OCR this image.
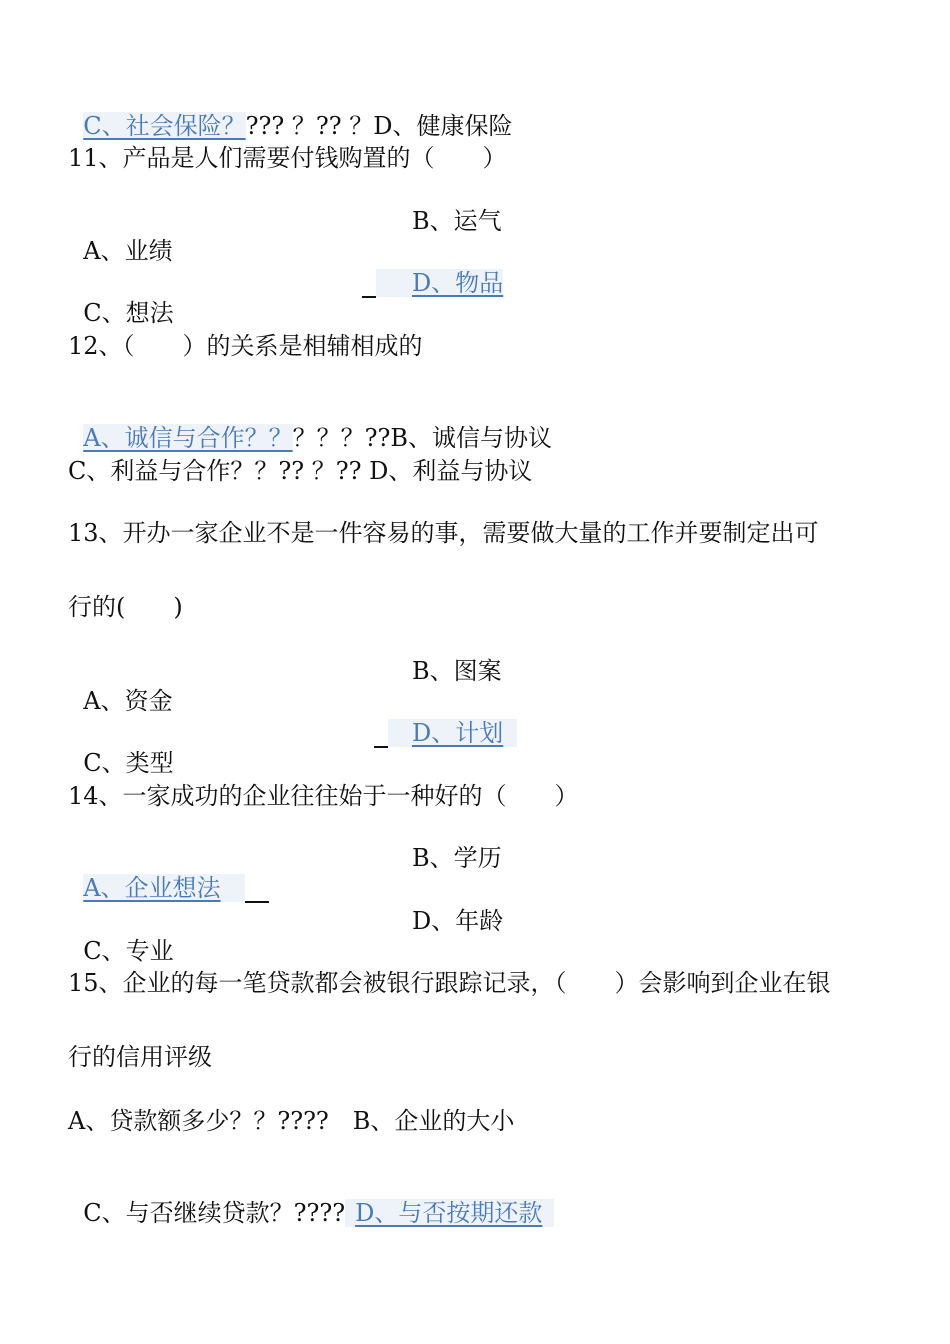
C、社会保险？??? ？?? ？D、健康保险

11、产品是人们需要付钱购置的（　　）

A、业绩

B、运气

C、想法

D、物品

12、（　　）的关系是相辅相成的

A、诚信与合作？？？？？??B、诚信与协议

C、利益与合作？？?? ？?? D、利益与协议
13、开办一家企业不是一件容易的事，需要做大量的工作并要制定出可
行的(　　)

A、资金

B、图案

C、类型

D、计划

14、一家成功的企业往往始于一种好的（　　）

A、企业想法

B、学历

C、专业

D、年龄

15、企业的每一笔贷款都会被银行跟踪记录，（　　）会影响到企业在银
行的信用评级
A、贷款额多少？？????　B、企业的大小

C、与否继续贷款？???? D、与否按期还款
